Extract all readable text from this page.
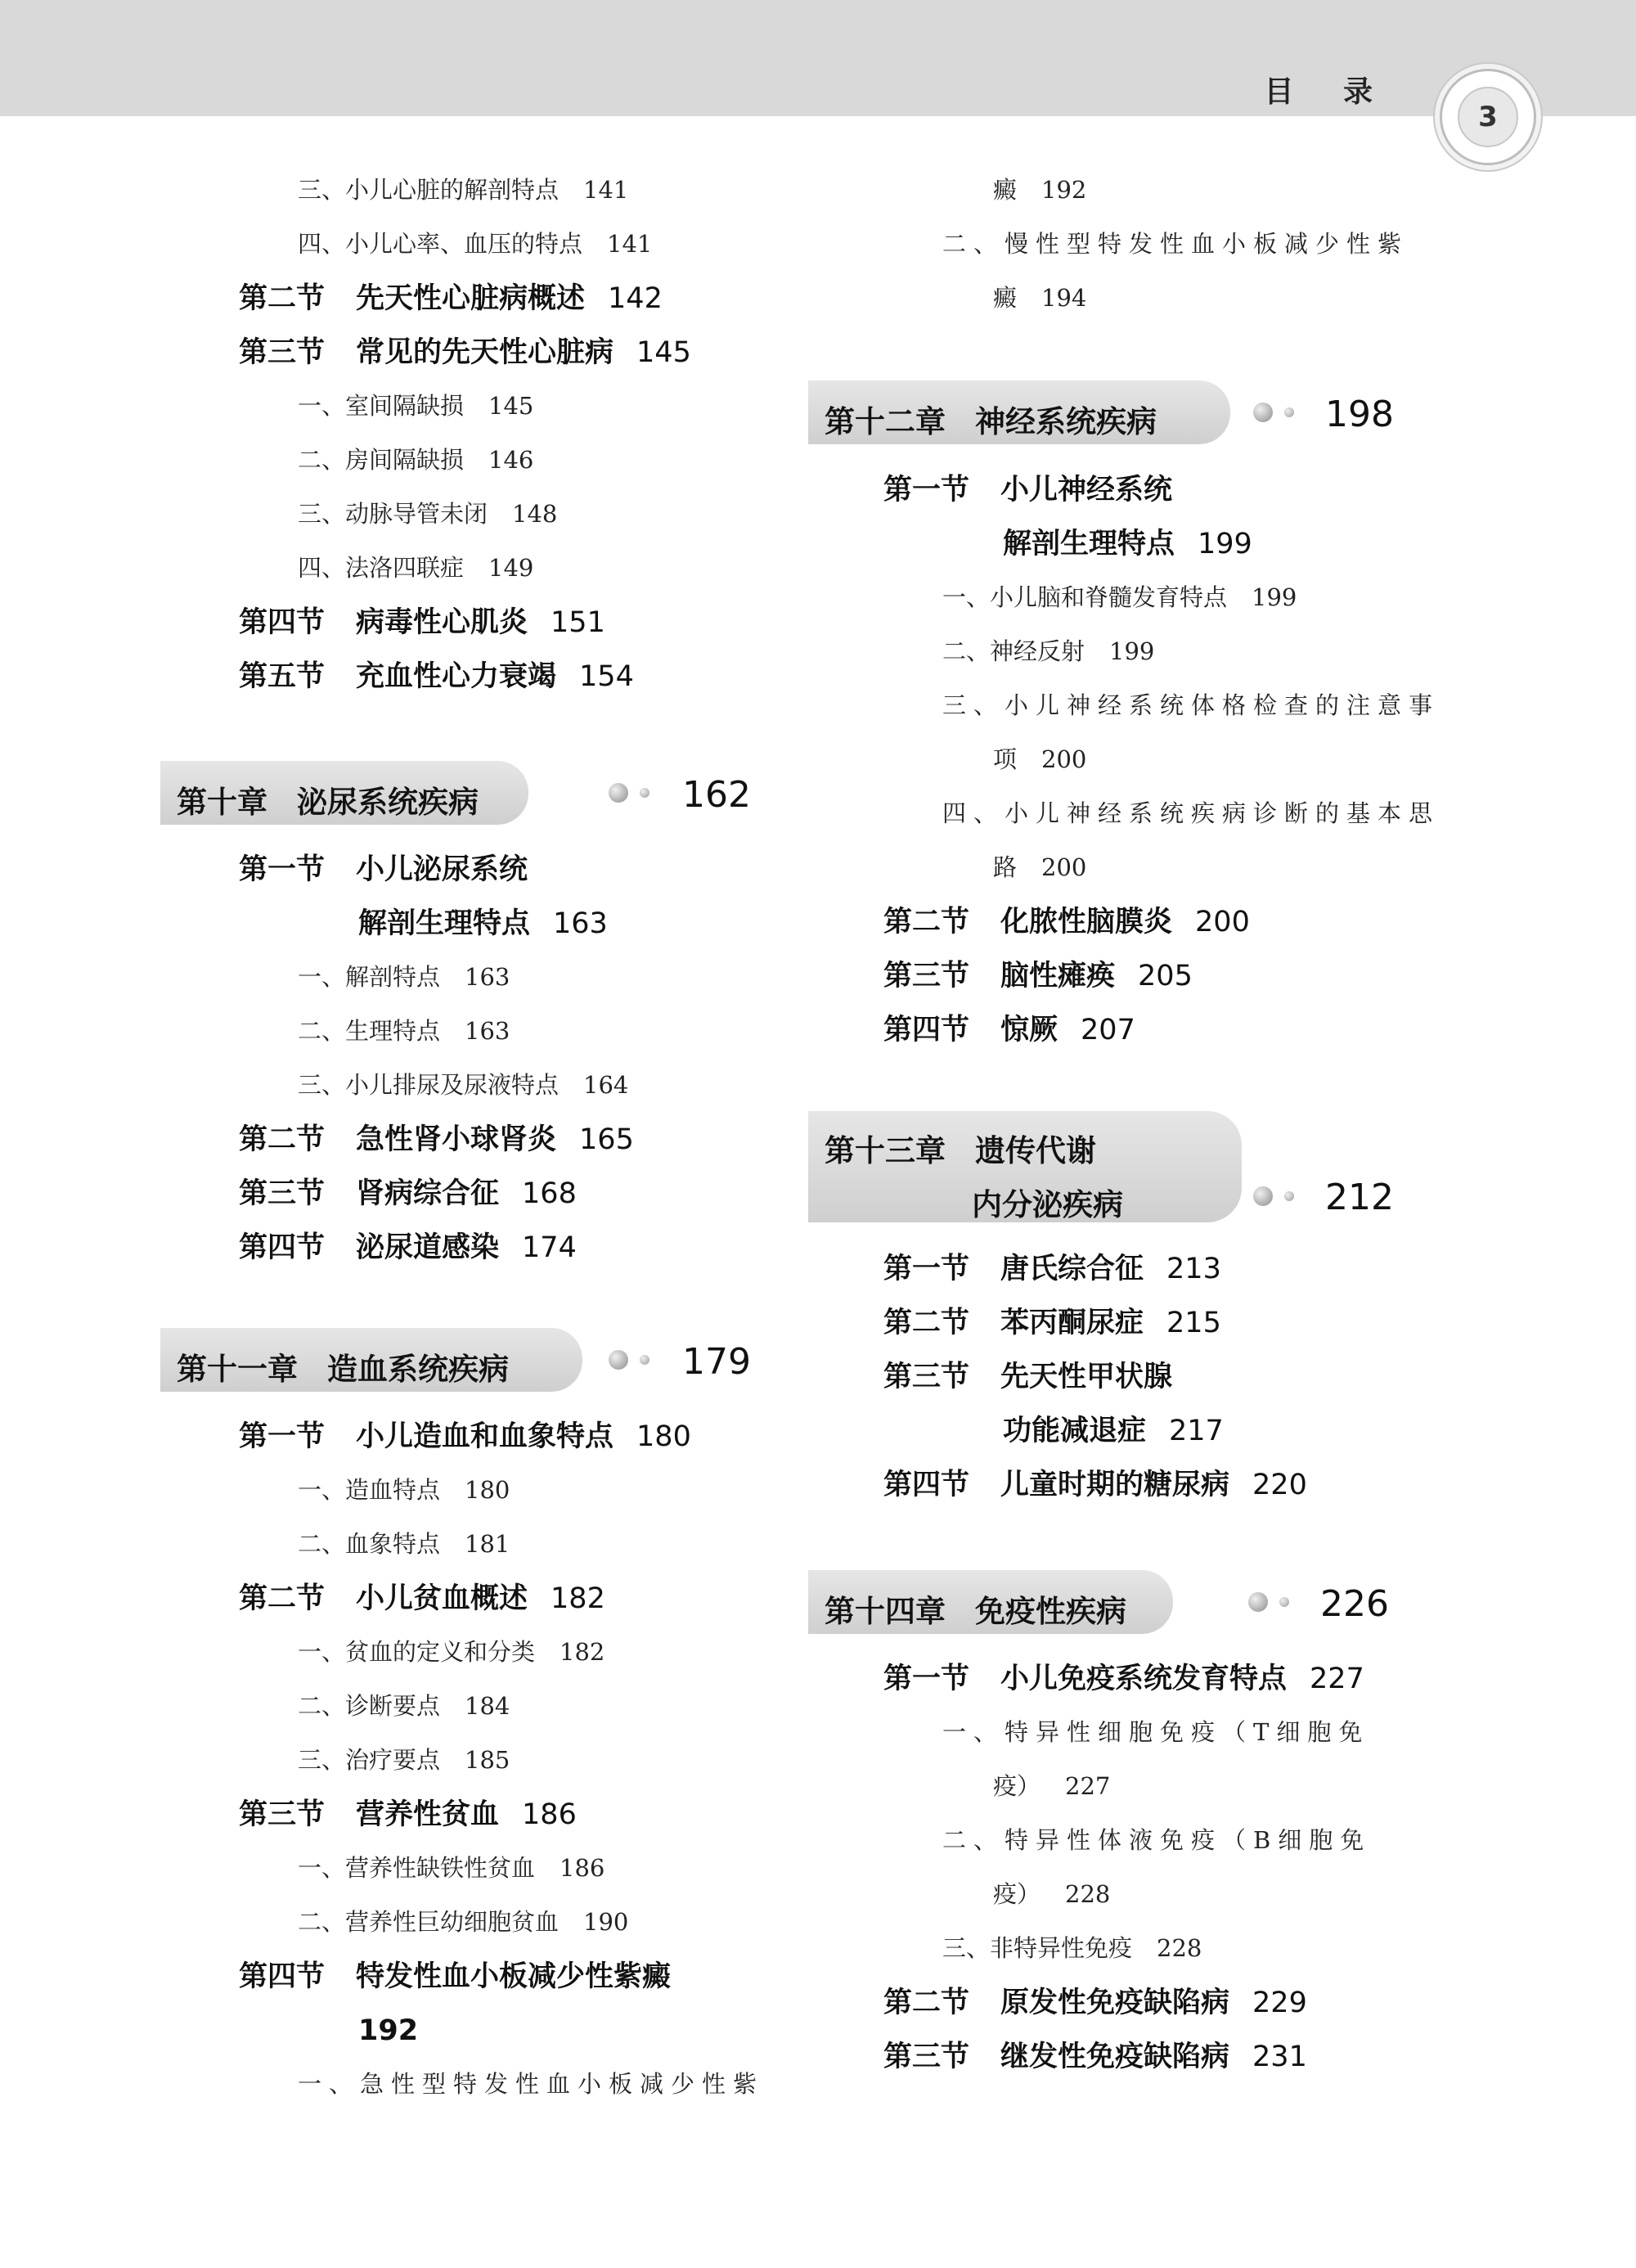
目 录
3
三、小儿心脏的解剖特点 141
四、小儿心率、血压的特点 141
第二节 先天性心脏病概述 142
第三节 常见的先天性心脏病 145
一、室间隔缺损 145
二、房间隔缺损 146
三、动脉导管未闭 148
四、法洛四联症 149
第四节 病毒性心肌炎 151
第五节 充血性心力衰竭 154
第十章 泌尿系统疾病	162
第一节 小儿泌尿系统
解剖生理特点 163
一、解剖特点 163
二、生理特点 163
三、小儿排尿及尿液特点 164
第二节 急性肾小球肾炎 165
第三节 肾病综合征 168
第四节 泌尿道感染 174
第十一章 造血系统疾病	179
第一节 小儿造血和血象特点 180
一、造血特点 180
二、血象特点 181
第二节 小儿贫血概述 182
一、贫血的定义和分类 182
二、诊断要点 184
三、治疗要点 185
第三节 营养性贫血 186
一、营养性缺铁性贫血 186
二、营养性巨幼细胞贫血 190
第四节 特发性血小板减少性紫癜
192
一、急性型特发性血小板减少性紫
癜 192
二、慢性型特发性血小板减少性紫
癜 194
第十二章 神经系统疾病	198
第一节 小儿神经系统
解剖生理特点 199
一、小儿脑和脊髓发育特点 199
二、神经反射 199
三、小儿神经系统体格检查的注意事
项 200
四、小儿神经系统疾病诊断的基本思
路 200
第二节 化脓性脑膜炎 200
第三节 脑性瘫痪 205
第四节 惊厥 207
第十三章 遗传代谢
内分泌疾病	212
第一节 唐氏综合征 213
第二节 苯丙酮尿症 215
第三节 先天性甲状腺
功能减退症 217
第四节 儿童时期的糖尿病 220
第十四章 免疫性疾病	226
第一节 小儿免疫系统发育特点 227
一、特异性细胞免疫（T细胞免
疫） 227
二、特异性体液免疫（B细胞免
疫） 228
三、非特异性免疫 228
第二节 原发性免疫缺陷病 229
第三节 继发性免疫缺陷病 231
